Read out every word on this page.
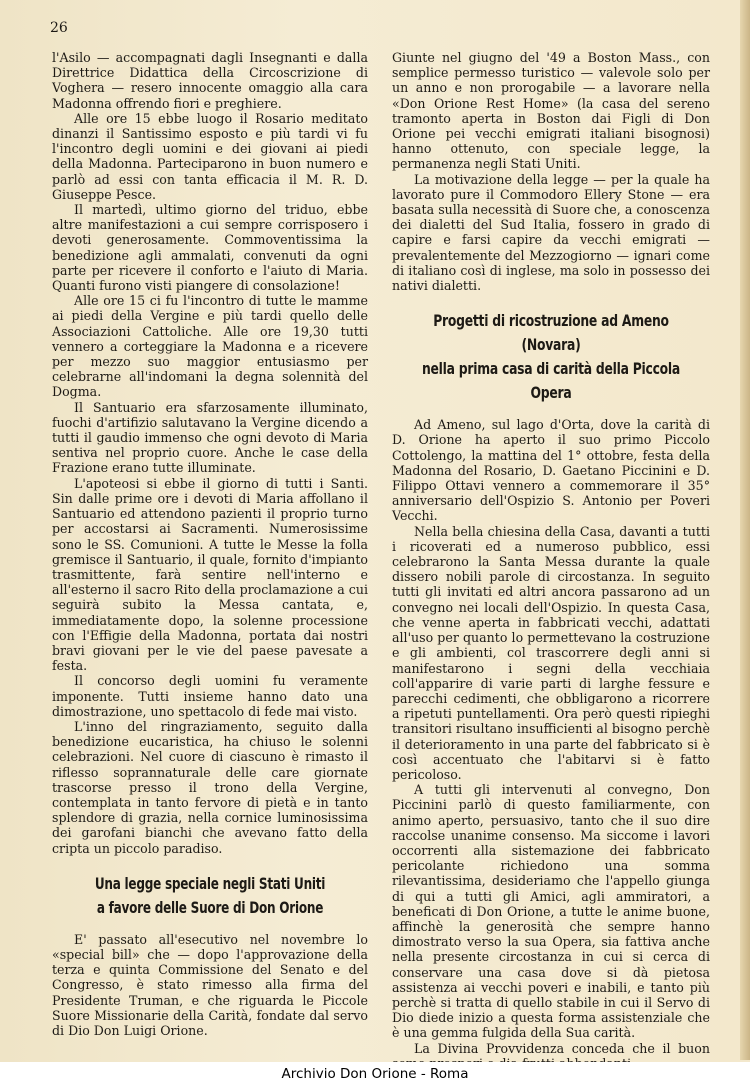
26

l'Asilo — accompagnati dagli Insegnanti e dalla Direttrice Didattica della Circoscrizione di Voghera — resero innocente omaggio alla cara Madonna offrendo fiori e preghiere.

Alle ore 15 ebbe luogo il Rosario meditato dinanzi il Santissimo esposto e più tardi vi fu l'incontro degli uomini e dei giovani ai piedi della Madonna. Parteciparono in buon numero e parlò ad essi con tanta efficacia il M. R. D. Giuseppe Pesce.

Il martedì, ultimo giorno del triduo, ebbe altre manifestazioni a cui sempre corrisposero i devoti generosamente. Commoventissima la benedizione agli ammalati, convenuti da ogni parte per ricevere il conforto e l'aiuto di Maria. Quanti furono visti piangere di consolazione!

Alle ore 15 ci fu l'incontro di tutte le mamme ai piedi della Vergine e più tardi quello delle Associazioni Cattoliche. Alle ore 19,30 tutti vennero a corteggiare la Madonna e a ricevere per mezzo suo maggior entusiasmo per celebrarne all'indomani la degna solennità del Dogma.

Il Santuario era sfarzosamente illuminato, fuochi d'artifizio salutavano la Vergine dicendo a tutti il gaudio immenso che ogni devoto di Maria sentiva nel proprio cuore. Anche le case della Frazione erano tutte illuminate.

L'apoteosi si ebbe il giorno di tutti i Santi. Sin dalle prime ore i devoti di Maria affollano il Santuario ed attendono pazienti il proprio turno per accostarsi ai Sacramenti. Numerosissime sono le SS. Comunioni. A tutte le Messe la folla gremisce il Santuario, il quale, fornito d'impianto trasmittente, farà sentire nell'interno e all'esterno il sacro Rito della proclamazione a cui seguirà subito la Messa cantata, e, immediatamente dopo, la solenne processione con l'Effigie della Madonna, portata dai nostri bravi giovani per le vie del paese pavesate a festa.

Il concorso degli uomini fu veramente imponente. Tutti insieme hanno dato una dimostrazione, uno spettacolo di fede mai visto.

L'inno del ringraziamento, seguito dalla benedizione eucaristica, ha chiuso le solenni celebrazioni. Nel cuore di ciascuno è rimasto il riflesso soprannaturale delle care giornate trascorse presso il trono della Vergine, contemplata in tanto fervore di pietà e in tanto splendore di grazia, nella cornice luminosissima dei garofani bianchi che avevano fatto della cripta un piccolo paradiso.

Una legge speciale negli Stati Uniti
a favore delle Suore di Don Orione

E' passato all'esecutivo nel novembre lo «special bill» che — dopo l'approvazione della terza e quinta Commissione del Senato e del Congresso, è stato rimesso alla firma del Presidente Truman, e che riguarda le Piccole Suore Missionarie della Carità, fondate dal servo di Dio Don Luigi Orione.

Giunte nel giugno del '49 a Boston Mass., con semplice permesso turistico — valevole solo per un anno e non prorogabile — a lavorare nella «Don Orione Rest Home» (la casa del sereno tramonto aperta in Boston dai Figli di Don Orione pei vecchi emigrati italiani bisognosi) hanno ottenuto, con speciale legge, la permanenza negli Stati Uniti.

La motivazione della legge — per la quale ha lavorato pure il Commodoro Ellery Stone — era basata sulla necessità di Suore che, a conoscenza dei dialetti del Sud Italia, fossero in grado di capire e farsi capire da vecchi emigrati — prevalentemente del Mezzogiorno — ignari come di italiano così di inglese, ma solo in possesso dei nativi dialetti.

Progetti di ricostruzione ad Ameno (Novara)
nella prima casa di carità della Piccola Opera

Ad Ameno, sul lago d'Orta, dove la carità di D. Orione ha aperto il suo primo Piccolo Cottolengo, la mattina del 1° ottobre, festa della Madonna del Rosario, D. Gaetano Piccinini e D. Filippo Ottavi vennero a commemorare il 35° anniversario dell'Ospizio S. Antonio per Poveri Vecchi.

Nella bella chiesina della Casa, davanti a tutti i ricoverati ed a numeroso pubblico, essi celebrarono la Santa Messa durante la quale dissero nobili parole di circostanza. In seguito tutti gli invitati ed altri ancora passarono ad un convegno nei locali dell'Ospizio. In questa Casa, che venne aperta in fabbricati vecchi, adattati all'uso per quanto lo permettevano la costruzione e gli ambienti, col trascorrere degli anni si manifestarono i segni della vecchiaia coll'apparire di varie parti di larghe fessure e parecchi cedimenti, che obbligarono a ricorrere a ripetuti puntellamenti. Ora però questi ripieghi transitori risultano insufficienti al bisogno perchè il deterioramento in una parte del fabbricato si è così accentuato che l'abitarvi si è fatto pericoloso.

A tutti gli intervenuti al convegno, Don Piccinini parlò di questo familiarmente, con animo aperto, persuasivo, tanto che il suo dire raccolse unanime consenso. Ma siccome i lavori occorrenti alla sistemazione dei fabbricato pericolante richiedono una somma rilevantissima, desideriamo che l'appello giunga di qui a tutti gli Amici, agli ammiratori, a beneficati di Don Orione, a tutte le anime buone, affinchè la generosità che sempre hanno dimostrato verso la sua Opera, sia fattiva anche nella presente circostanza in cui si cerca di conservare una casa dove si dà pietosa assistenza ai vecchi poveri e inabili, e tanto più perchè si tratta di quello stabile in cui il Servo di Dio diede inizio a questa forma assistenziale che è una gemma fulgida della Sua carità.

La Divina Provvidenza conceda che il buon

Archivio Don Orione - Roma
